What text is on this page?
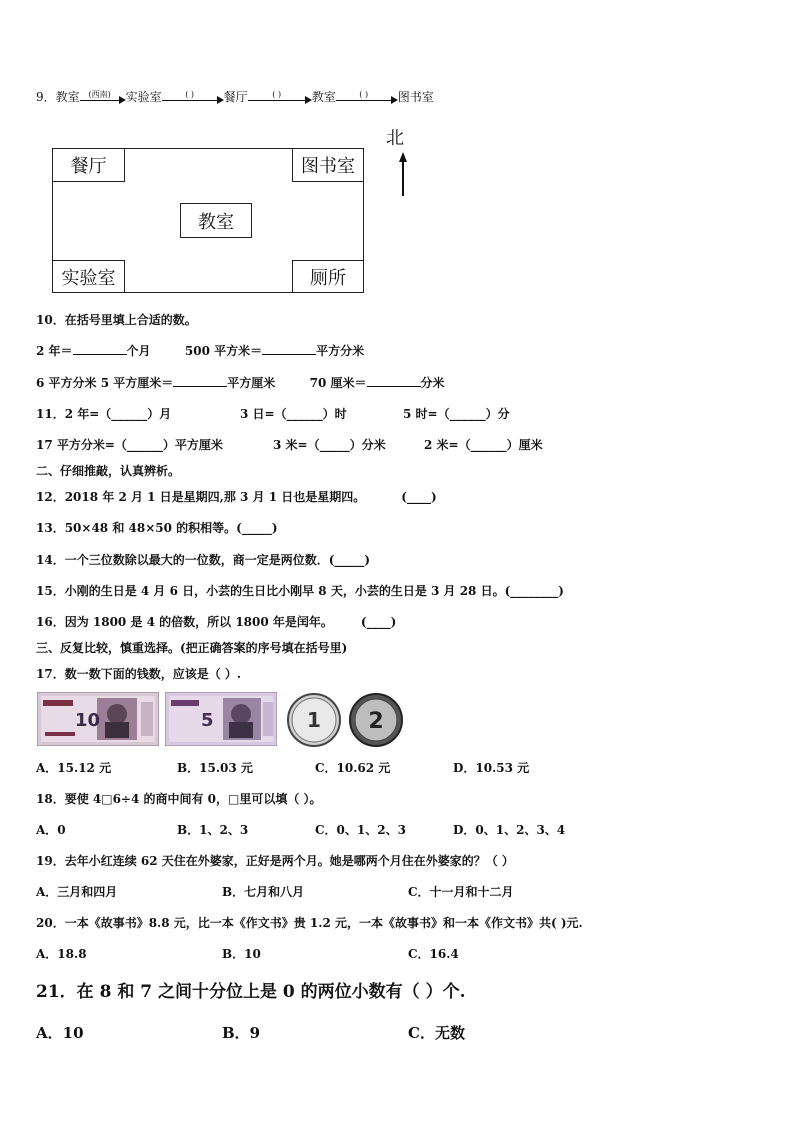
9．教室	(西南)	实验室	( )	餐厅	( )	教室	( )	图书室
餐厅	图书室
教室
实验室	厕所
北
10．在括号里填上合适的数。
2 年＝	个月	500 平方米＝	平方分米
6 平方分米 5 平方厘米＝	平方厘米	70 厘米＝	分米
11．2 年=（______）月	3 日=（______）时	5 时=（______）分
17 平方分米=（______）平方厘米	3 米=（_____）分米	2 米=（______）厘米
二、仔细推敲，认真辨析。
12．2018 年 2 月 1 日是星期四,那 3 月 1 日也是星期四。	(____)
13．50×48 和 48×50 的积相等。(_____)
14．一个三位数除以最大的一位数，商一定是两位数．(_____)
15．小刚的生日是 4 月 6 日，小芸的生日比小刚早 8 天，小芸的生日是 3 月 28 日。(________)
16．因为 1800 是 4 的倍数，所以 1800 年是闰年。 (____)
三、反复比较，慎重选择。(把正确答案的序号填在括号里)
17．数一数下面的钱数，应该是（ ）.
10	5	1 2
A．15.12 元	B．15.03 元	C．10.62 元	D．10.53 元
18．要使 4□6÷4 的商中间有 0，□里可以填（ ）。
A．0	B．1、2、3	C．0、1、2、3	D．0、1、2、3、4
19．去年小红连续 62 天住在外婆家，正好是两个月。她是哪两个月住在外婆家的？（ ）
A．三月和四月	B．七月和八月	C．十一月和十二月
20．一本《故事书》8.8 元，比一本《作文书》贵 1.2 元，一本《故事书》和一本《作文书》共( )元.
A．18.8	B．10	C．16.4
21．在 8 和 7 之间十分位上是 0 的两位小数有（ ）个.
A．10	B．9	C．无数
